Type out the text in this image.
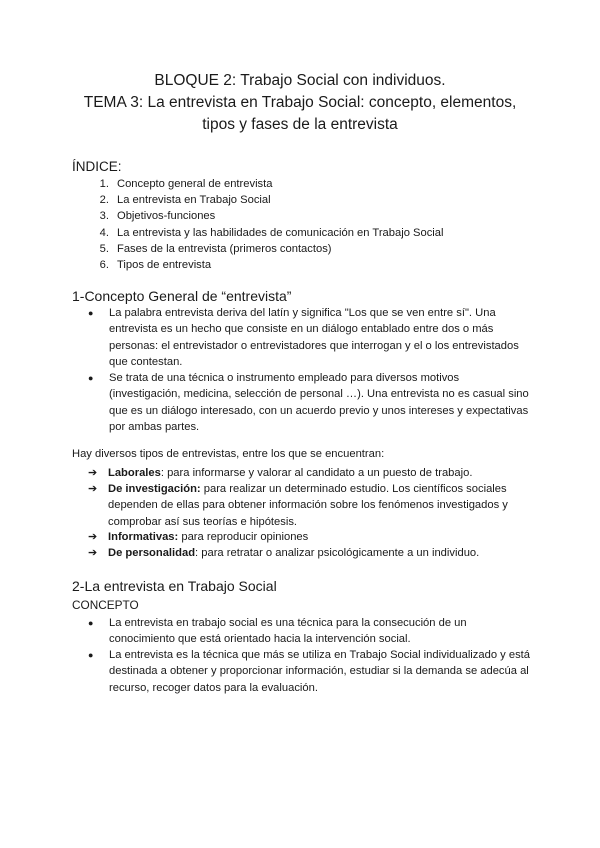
BLOQUE 2: Trabajo Social con individuos.
TEMA 3: La entrevista en Trabajo Social: concepto, elementos,
tipos y fases de la entrevista
ÍNDICE:
1. Concepto general de entrevista
2. La entrevista en Trabajo Social
3. Objetivos-funciones
4. La entrevista y las habilidades de comunicación en Trabajo Social
5. Fases de la entrevista (primeros contactos)
6. Tipos de entrevista
1-Concepto General de “entrevista”
● La palabra entrevista deriva del latín y significa "Los que se ven entre sí". Una entrevista es un hecho que consiste en un diálogo entablado entre dos o más personas: el entrevistador o entrevistadores que interrogan y el o los entrevistados que contestan.
● Se trata de una técnica o instrumento empleado para diversos motivos (investigación, medicina, selección de personal …). Una entrevista no es casual sino que es un diálogo interesado, con un acuerdo previo y unos intereses y expectativas por ambas partes.
Hay diversos tipos de entrevistas, entre los que se encuentran:
➔ Laborales: para informarse y valorar al candidato a un puesto de trabajo.
➔ De investigación: para realizar un determinado estudio. Los científicos sociales dependen de ellas para obtener información sobre los fenómenos investigados y comprobar así sus teorías e hipótesis.
➔ Informativas: para reproducir opiniones
➔ De personalidad: para retratar o analizar psicológicamente a un individuo.
2-La entrevista en Trabajo Social
CONCEPTO
● La entrevista en trabajo social es una técnica para la consecución de un conocimiento que está orientado hacia la intervención social.
● La entrevista es la técnica que más se utiliza en Trabajo Social individualizado y está destinada a obtener y proporcionar información, estudiar si la demanda se adecúa al recurso, recoger datos para la evaluación.
